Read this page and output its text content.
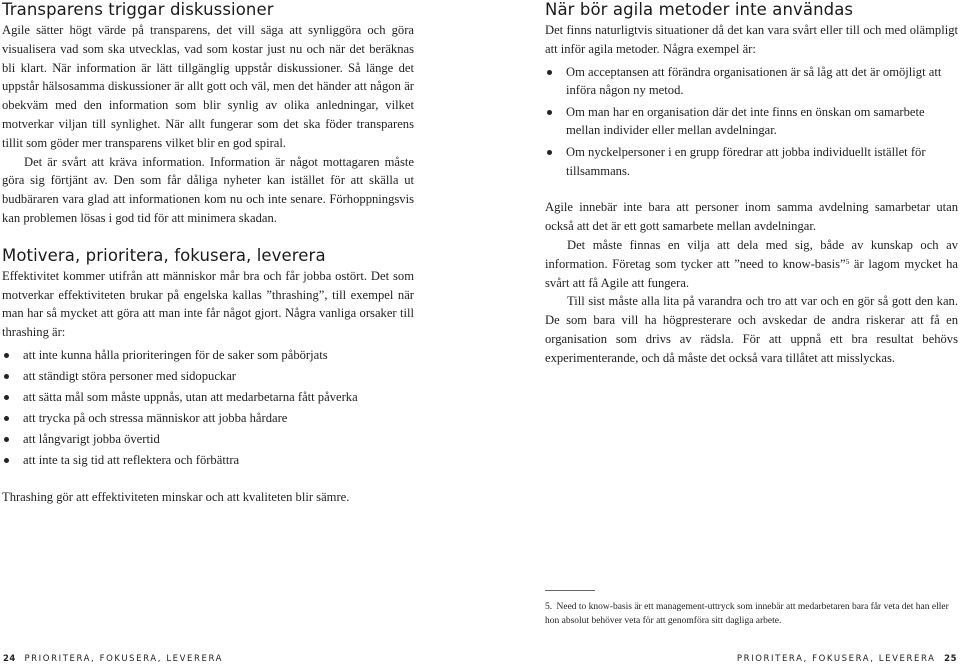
Transparens triggar diskussioner

Agile sätter högt värde på transparens, det vill säga att synliggöra och göra visualisera vad som ska utvecklas, vad som kostar just nu och när det beräknas bli klart. När information är lätt tillgänglig uppstår diskussioner. Så länge det uppstår hälsosamma diskussioner är allt gott och väl, men det händer att någon är obekväm med den information som blir synlig av olika anledningar, vilket motverkar viljan till synlighet. När allt fungerar som det ska föder transparens tillit som göder mer transparens vilket blir en god spiral.

Det är svårt att kräva information. Information är något mottagaren måste göra sig förtjänt av. Den som får dåliga nyheter kan istället för att skälla ut budbäraren vara glad att informationen kom nu och inte senare. Förhoppningsvis kan problemen lösas i god tid för att minimera skadan.

Motivera, prioritera, fokusera, leverera

Effektivitet kommer utifrån att människor mår bra och får jobba ostört. Det som motverkar effektiviteten brukar på engelska kallas ”thrashing”, till exempel när man har så mycket att göra att man inte får något gjort. Några vanliga orsaker till thrashing är:

att inte kunna hålla prioriteringen för de saker som påbörjats
att ständigt störa personer med sidopuckar
att sätta mål som måste uppnås, utan att medarbetarna fått påverka
att trycka på och stressa människor att jobba hårdare
att långvarigt jobba övertid
att inte ta sig tid att reflektera och förbättra

Thrashing gör att effektiviteten minskar och att kvaliteten blir sämre.

När bör agila metoder inte användas

Det finns naturligtvis situationer då det kan vara svårt eller till och med olämpligt att inför agila metoder. Några exempel är:

Om acceptansen att förändra organisationen är så låg att det är omöjligt att införa någon ny metod.
Om man har en organisation där det inte finns en önskan om samarbete mellan individer eller mellan avdelningar.
Om nyckelpersoner i en grupp föredrar att jobba individuellt istället för tillsammans.

Agile innebär inte bara att personer inom samma avdelning samarbetar utan också att det är ett gott samarbete mellan avdelningar.

Det måste finnas en vilja att dela med sig, både av kunskap och av information. Företag som tycker att ”need to know-basis”$^5$ är lagom mycket ha svårt att få Agile att fungera.

Till sist måste alla lita på varandra och tro att var och en gör så gott den kan. De som bara vill ha högpresterare och avskedar de andra riskerar att få en organisation som drivs av rädsla. För att uppnå ett bra resultat behövs experimenterande, och då måste det också vara tillåtet att misslyckas.

5. Need to know-basis är ett management-uttryck som innebär att medarbetaren bara får veta det han eller hon absolut behöver veta för att genomföra sitt dagliga arbete.
24 PRIORITERA, FOKUSERA, LEVERERA	PRIORITERA, FOKUSERA, LEVERERA 25
